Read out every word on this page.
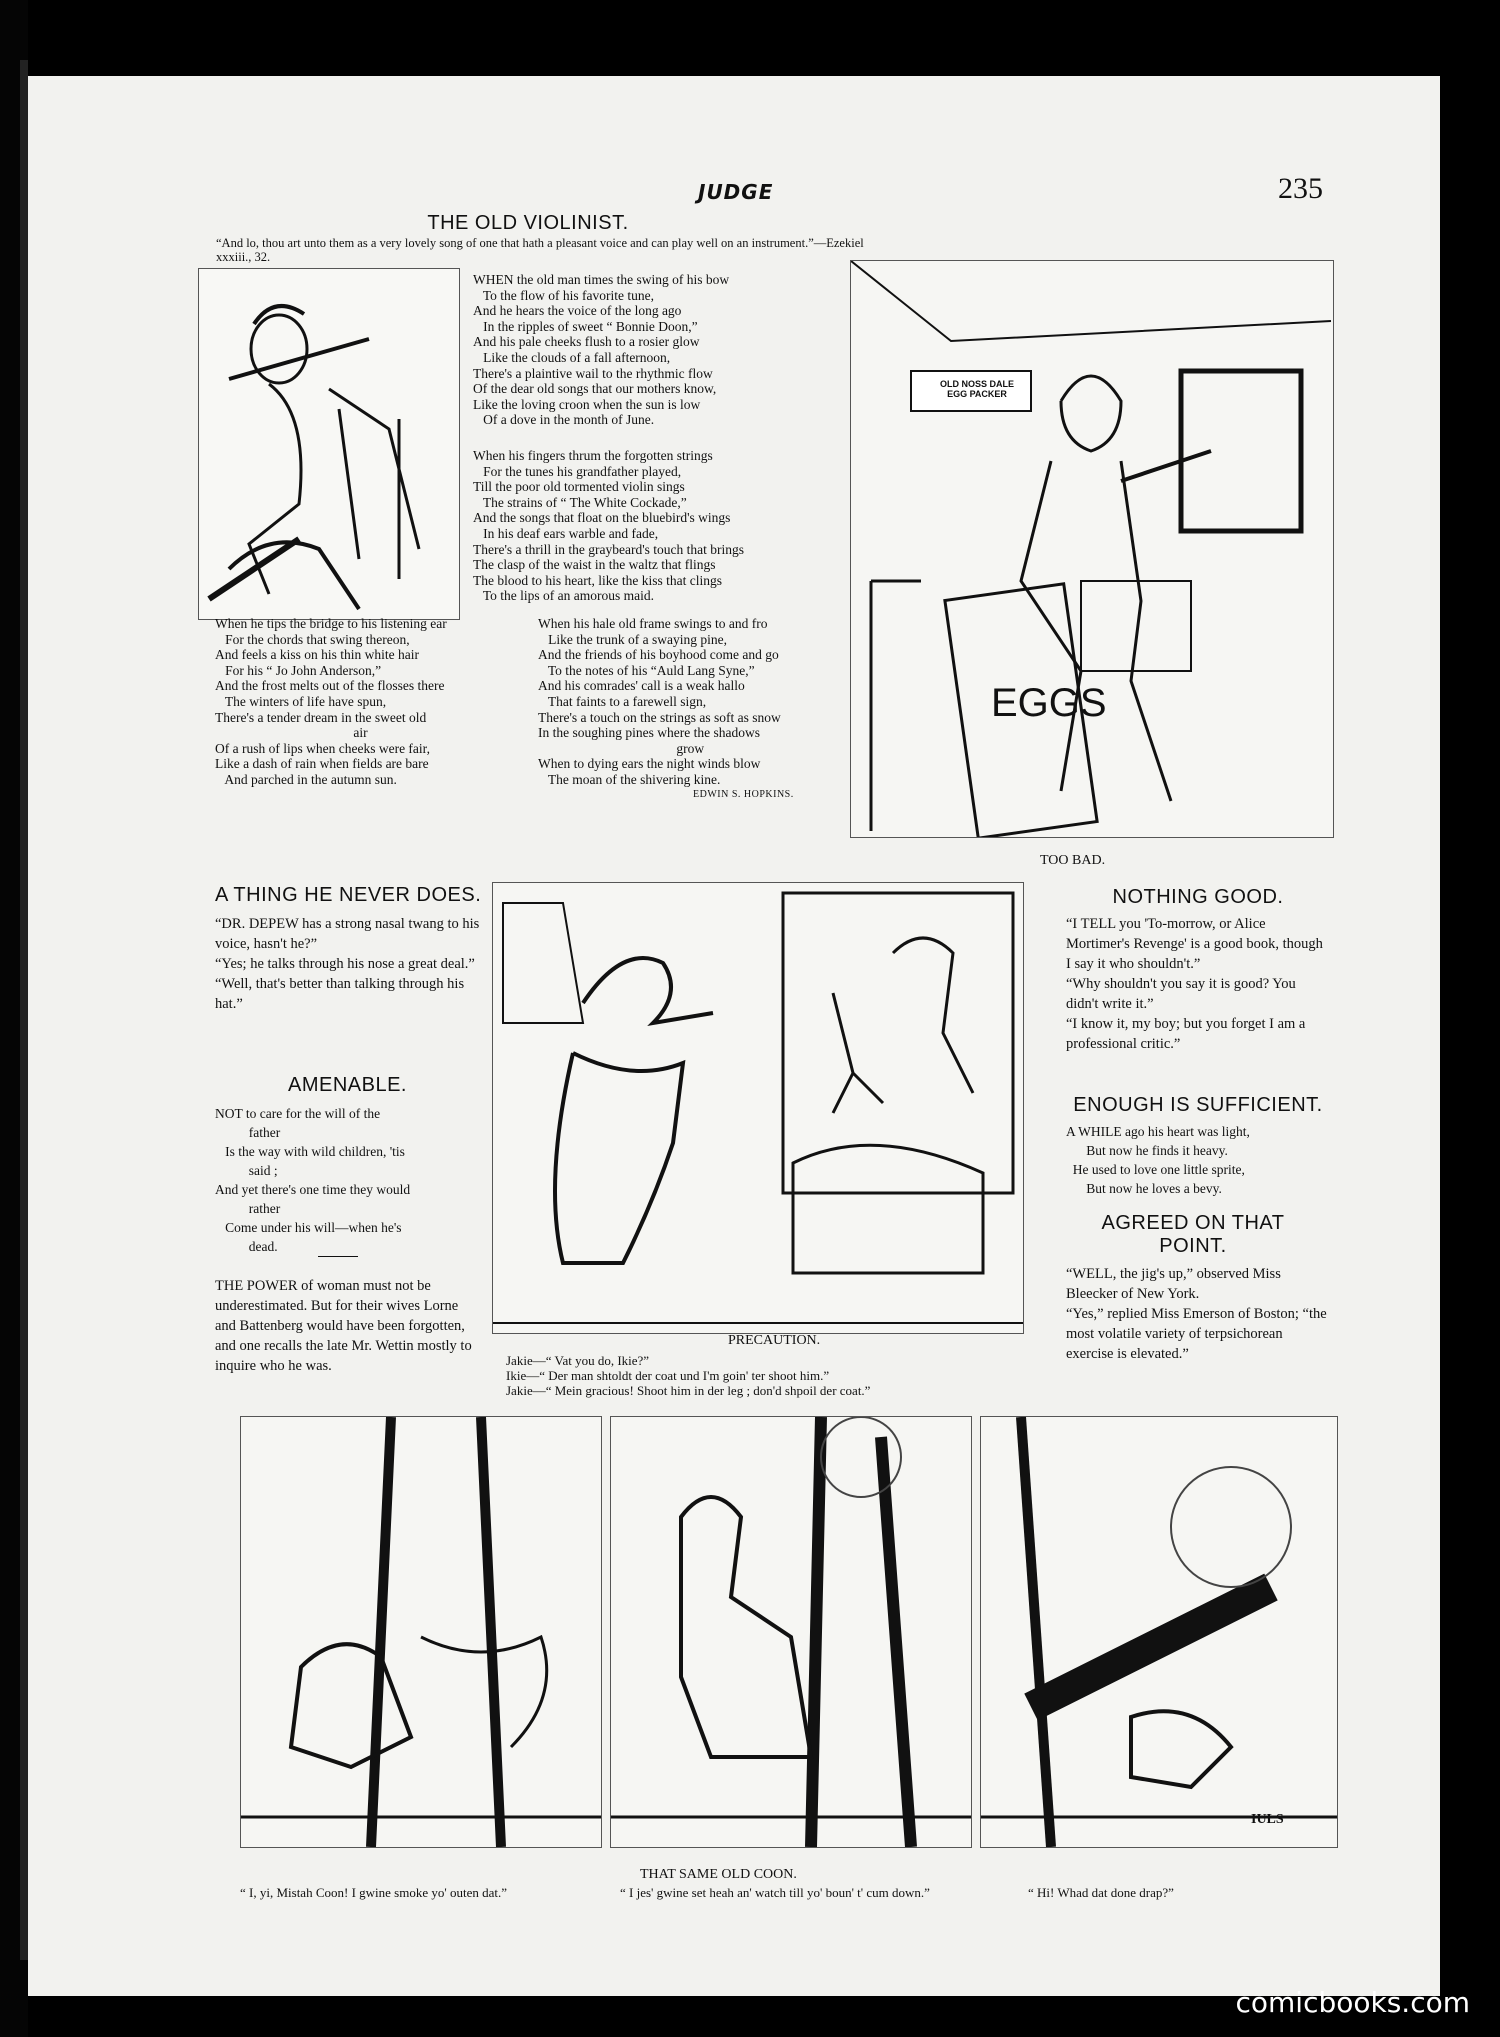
JUDGE	235
THE OLD VIOLINIST.
“And lo, thou art unto them as a very lovely song of one that hath a pleasant voice and can play well on an instrument.”—Ezekiel xxxiii., 32.
WHEN the old man times the swing of his bow
To the flow of his favorite tune,
And he hears the voice of the long ago
In the ripples of sweet “ Bonnie Doon,”
And his pale cheeks flush to a rosier glow
Like the clouds of a fall afternoon,
There's a plaintive wail to the rhythmic flow
Of the dear old songs that our mothers know,
Like the loving croon when the sun is low
Of a dove in the month of June.
When his fingers thrum the forgotten strings
For the tunes his grandfather played,
Till the poor old tormented violin sings
The strains of “ The White Cockade,”
And the songs that float on the bluebird's wings
In his deaf ears warble and fade,
There's a thrill in the graybeard's touch that brings
The clasp of the waist in the waltz that flings
The blood to his heart, like the kiss that clings
To the lips of an amorous maid.
When he tips the bridge to his listening ear
For the chords that swing thereon,
And feels a kiss on his thin white hair
For his “ Jo John Anderson,”
And the frost melts out of the flosses there
The winters of life have spun,
There's a tender dream in the sweet old
air
Of a rush of lips when cheeks were fair,
Like a dash of rain when fields are bare
And parched in the autumn sun.
When his hale old frame swings to and fro
Like the trunk of a swaying pine,
And the friends of his boyhood come and go
To the notes of his “Auld Lang Syne,”
And his comrades' call is a weak hallo
That faints to a farewell sign,
There's a touch on the strings as soft as snow
In the soughing pines where the shadows
grow
When to dying ears the night winds blow
The moan of the shivering kine.
EDWIN S. HOPKINS.
OLD NOSS DALE EGG PACKER
EGGS
TOO BAD.
A THING HE NEVER DOES.
“DR. DEPEW has a strong nasal twang to his voice, hasn't he?”
“Yes; he talks through his nose a great deal.”
“Well, that's better than talking through his hat.”
AMENABLE.
NOT to care for the will of the
father
Is the way with wild children, 'tis
said ;
And yet there's one time they would
rather
Come under his will—when he's
dead.
THE POWER of woman must not be underestimated. But for their wives Lorne and Battenberg would have been forgotten, and one recalls the late Mr. Wettin mostly to inquire who he was.
PRECAUTION.
Jakie—“ Vat you do, Ikie?”
Ikie—“ Der man shtoldt der coat und I'm goin' ter shoot him.”
Jakie—“ Mein gracious! Shoot him in der leg ; don'd shpoil der coat.”
NOTHING GOOD.
“I TELL you 'To-morrow, or Alice Mortimer's Revenge' is a good book, though I say it who shouldn't.”
“Why shouldn't you say it is good? You didn't write it.”
“I know it, my boy; but you forget I am a professional critic.”
ENOUGH IS SUFFICIENT.
A WHILE ago his heart was light,
But now he finds it heavy.
He used to love one little sprite,
But now he loves a bevy.
AGREED ON THAT POINT.
“WELL, the jig's up,” observed Miss Bleecker of New York.
“Yes,” replied Miss Emerson of Boston; “the most volatile variety of terpsichorean exercise is elevated.”
IULS
THAT SAME OLD COON.
“ I, yi, Mistah Coon! I gwine smoke yo' outen dat.”	“ I jes' gwine set heah an' watch till yo' boun' t' cum down.”	“ Hi! Whad dat done drap?”
comicbooks.com
